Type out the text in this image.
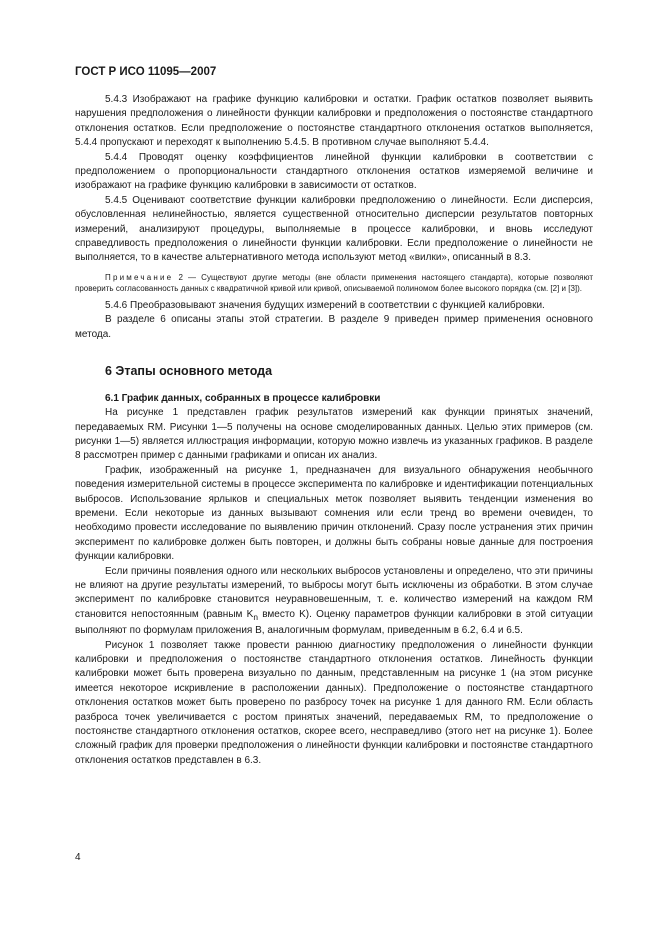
ГОСТ Р ИСО 11095—2007

5.4.3 Изображают на графике функцию калибровки и остатки. График остатков позволяет выявить нарушения предположения о линейности функции калибровки и предположения о постоянстве стандартного отклонения остатков. Если предположение о постоянстве стандартного отклонения остатков выполняется, 5.4.4 пропускают и переходят к выполнению 5.4.5. В противном случае выполняют 5.4.4.

5.4.4 Проводят оценку коэффициентов линейной функции калибровки в соответствии с предположением о пропорциональности стандартного отклонения остатков измеряемой величине и изображают на графике функцию калибровки в зависимости от остатков.

5.4.5 Оценивают соответствие функции калибровки предположению о линейности. Если дисперсия, обусловленная нелинейностью, является существенной относительно дисперсии результатов повторных измерений, анализируют процедуры, выполняемые в процессе калибровки, и вновь исследуют справедливость предположения о линейности функции калибровки. Если предположение о линейности не выполняется, то в качестве альтернативного метода используют метод «вилки», описанный в 8.3.

Примечание 2 — Существуют другие методы (вне области применения настоящего стандарта), которые позволяют проверить согласованность данных с квадратичной кривой или кривой, описываемой полиномом более высокого порядка (см. [2] и [3]).

5.4.6 Преобразовывают значения будущих измерений в соответствии с функцией калибровки.

В разделе 6 описаны этапы этой стратегии. В разделе 9 приведен пример применения основного метода.

6 Этапы основного метода

6.1 График данных, собранных в процессе калибровки

На рисунке 1 представлен график результатов измерений как функции принятых значений, передаваемых RM. Рисунки 1—5 получены на основе смоделированных данных. Целью этих примеров (см. рисунки 1—5) является иллюстрация информации, которую можно извлечь из указанных графиков. В разделе 8 рассмотрен пример с данными графиками и описан их анализ.

График, изображенный на рисунке 1, предназначен для визуального обнаружения необычного поведения измерительной системы в процессе эксперимента по калибровке и идентификации потенциальных выбросов. Использование ярлыков и специальных меток позволяет выявить тенденции изменения во времени. Если некоторые из данных вызывают сомнения или если тренд во времени очевиден, то необходимо провести исследование по выявлению причин отклонений. Сразу после устранения этих причин эксперимент по калибровке должен быть повторен, и должны быть собраны новые данные для построения функции калибровки.

Если причины появления одного или нескольких выбросов установлены и определено, что эти причины не влияют на другие результаты измерений, то выбросы могут быть исключены из обработки. В этом случае эксперимент по калибровке становится неуравновешенным, т. е. количество измерений на каждом RM становится непостоянным (равным $K_n$ вместо K). Оценку параметров функции калибровки в этой ситуации выполняют по формулам приложения В, аналогичным формулам, приведенным в 6.2, 6.4 и 6.5.

Рисунок 1 позволяет также провести раннюю диагностику предположения о линейности функции калибровки и предположения о постоянстве стандартного отклонения остатков. Линейность функции калибровки может быть проверена визуально по данным, представленным на рисунке 1 (на этом рисунке имеется некоторое искривление в расположении данных). Предположение о постоянстве стандартного отклонения остатков может быть проверено по разбросу точек на рисунке 1 для данного RM. Если область разброса точек увеличивается с ростом принятых значений, передаваемых RM, то предположение о постоянстве стандартного отклонения остатков, скорее всего, несправедливо (этого нет на рисунке 1). Более сложный график для проверки предположения о линейности функции калибровки и постоянстве стандартного отклонения остатков представлен в 6.3.

4
